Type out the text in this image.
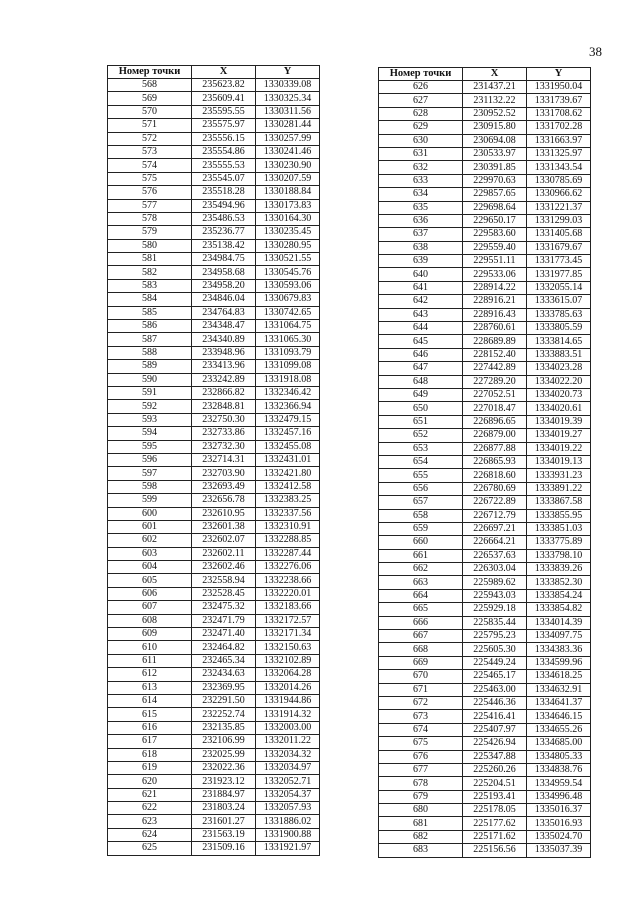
38
Номер точки	X	Y
568	235623.82	1330339.08
569	235609.41	1330325.34
570	235595.55	1330311.56
571	235575.97	1330281.44
572	235556.15	1330257.99
573	235554.86	1330241.46
574	235555.53	1330230.90
575	235545.07	1330207.59
576	235518.28	1330188.84
577	235494.96	1330173.83
578	235486.53	1330164.30
579	235236.77	1330235.45
580	235138.42	1330280.95
581	234984.75	1330521.55
582	234958.68	1330545.76
583	234958.20	1330593.06
584	234846.04	1330679.83
585	234764.83	1330742.65
586	234348.47	1331064.75
587	234340.89	1331065.30
588	233948.96	1331093.79
589	233413.96	1331099.08
590	233242.89	1331918.08
591	232866.82	1332346.42
592	232848.81	1332366.94
593	232750.30	1332479.15
594	232733.86	1332457.16
595	232732.30	1332455.08
596	232714.31	1332431.01
597	232703.90	1332421.80
598	232693.49	1332412.58
599	232656.78	1332383.25
600	232610.95	1332337.56
601	232601.38	1332310.91
602	232602.07	1332288.85
603	232602.11	1332287.44
604	232602.46	1332276.06
605	232558.94	1332238.66
606	232528.45	1332220.01
607	232475.32	1332183.66
608	232471.79	1332172.57
609	232471.40	1332171.34
610	232464.82	1332150.63
611	232465.34	1332102.89
612	232434.63	1332064.28
613	232369.95	1332014.26
614	232291.50	1331944.86
615	232252.74	1331914.32
616	232135.85	1332003.00
617	232106.99	1332011.22
618	232025.99	1332034.32
619	232022.36	1332034.97
620	231923.12	1332052.71
621	231884.97	1332054.37
622	231803.24	1332057.93
623	231601.27	1331886.02
624	231563.19	1331900.88
625	231509.16	1331921.97
Номер точки	X	Y
626	231437.21	1331950.04
627	231132.22	1331739.67
628	230952.52	1331708.62
629	230915.80	1331702.28
630	230694.08	1331663.97
631	230533.97	1331325.97
632	230391.85	1331343.54
633	229970.63	1330785.69
634	229857.65	1330966.62
635	229698.64	1331221.37
636	229650.17	1331299.03
637	229583.60	1331405.68
638	229559.40	1331679.67
639	229551.11	1331773.45
640	229533.06	1331977.85
641	228914.22	1332055.14
642	228916.21	1333615.07
643	228916.43	1333785.63
644	228760.61	1333805.59
645	228689.89	1333814.65
646	228152.40	1333883.51
647	227442.89	1334023.28
648	227289.20	1334022.20
649	227052.51	1334020.73
650	227018.47	1334020.61
651	226896.65	1334019.39
652	226879.00	1334019.27
653	226877.88	1334019.22
654	226865.93	1334019.13
655	226818.60	1333931.23
656	226780.69	1333891.22
657	226722.89	1333867.58
658	226712.79	1333855.95
659	226697.21	1333851.03
660	226664.21	1333775.89
661	226537.63	1333798.10
662	226303.04	1333839.26
663	225989.62	1333852.30
664	225943.03	1333854.24
665	225929.18	1333854.82
666	225835.44	1334014.39
667	225795.23	1334097.75
668	225605.30	1334383.36
669	225449.24	1334599.96
670	225465.17	1334618.25
671	225463.00	1334632.91
672	225446.36	1334641.37
673	225416.41	1334646.15
674	225407.97	1334655.26
675	225426.94	1334685.00
676	225347.88	1334805.33
677	225260.26	1334838.76
678	225204.51	1334959.54
679	225193.41	1334996.48
680	225178.05	1335016.37
681	225177.62	1335016.93
682	225171.62	1335024.70
683	225156.56	1335037.39
